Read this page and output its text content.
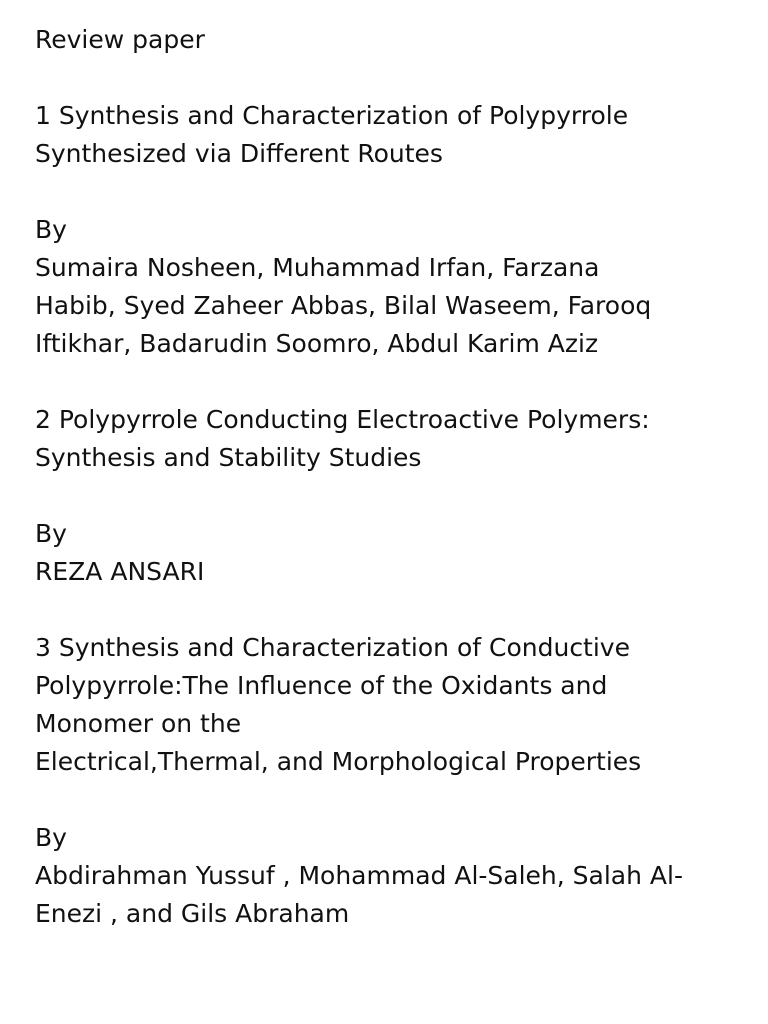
Review paper
1 Synthesis and Characterization of Polypyrrole
Synthesized via Different Routes
By
Sumaira Nosheen, Muhammad Irfan, Farzana
Habib, Syed Zaheer Abbas, Bilal Waseem, Farooq
Iftikhar, Badarudin Soomro, Abdul Karim Aziz
2 Polypyrrole Conducting Electroactive Polymers:
Synthesis and Stability Studies
By
REZA ANSARI
3 Synthesis and Characterization of Conductive
Polypyrrole:The Influence of the Oxidants and
Monomer on the
Electrical,Thermal, and Morphological Properties
By
Abdirahman Yussuf , Mohammad Al-Saleh, Salah Al-
Enezi , and Gils Abraham
